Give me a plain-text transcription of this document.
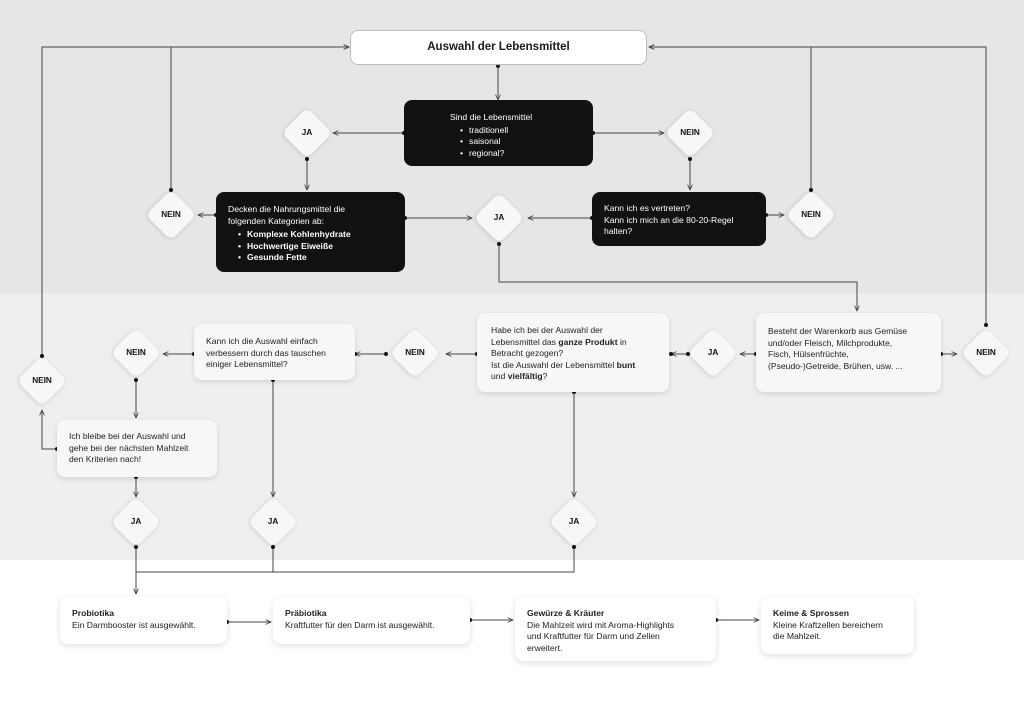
Auswahl der Lebensmittel
Sind die Lebensmittel
• traditionell
• saisonal
• regional?
Decken die Nahrungsmittel die
folgenden Kategorien ab:
• Komplexe Kohlenhydrate
• Hochwertige Eiweiße
• Gesunde Fette
Kann ich es vertreten?
Kann ich mich an die 80-20-Regel
halten?
Besteht der Warenkorb aus Gemüse
und/oder Fleisch, Milchprodukte,
Fisch, Hülsenfrüchte,
(Pseudo-)Getreide, Brühen, usw. ...
Habe ich bei der Auswahl der
Lebensmittel das ganze Produkt in
Betracht gezogen?
Ist die Auswahl der Lebensmittel bunt
und vielfältig?
Kann ich die Auswahl einfach
verbessern durch das tauschen
einiger Lebensmittel?
Ich bleibe bei der Auswahl und
gehe bei der nächsten Mahlzeit
den Kriterien nach!
JA	NEIN
NEIN	JA	NEIN
NEIN
JA
NEIN
NEIN
NEIN
JA	JA	JA
Probiotika
Ein Darmbooster ist ausgewählt.
Präbiotika
Kraftfutter für den Darm ist ausgewählt.
Gewürze & Kräuter
Die Mahlzeit wird mit Aroma-Highlights
und Kraftfutter für Darm und Zellen
erweitert.
Keime & Sprossen
Kleine Kraftzellen bereichern
die Mahlzeit.
